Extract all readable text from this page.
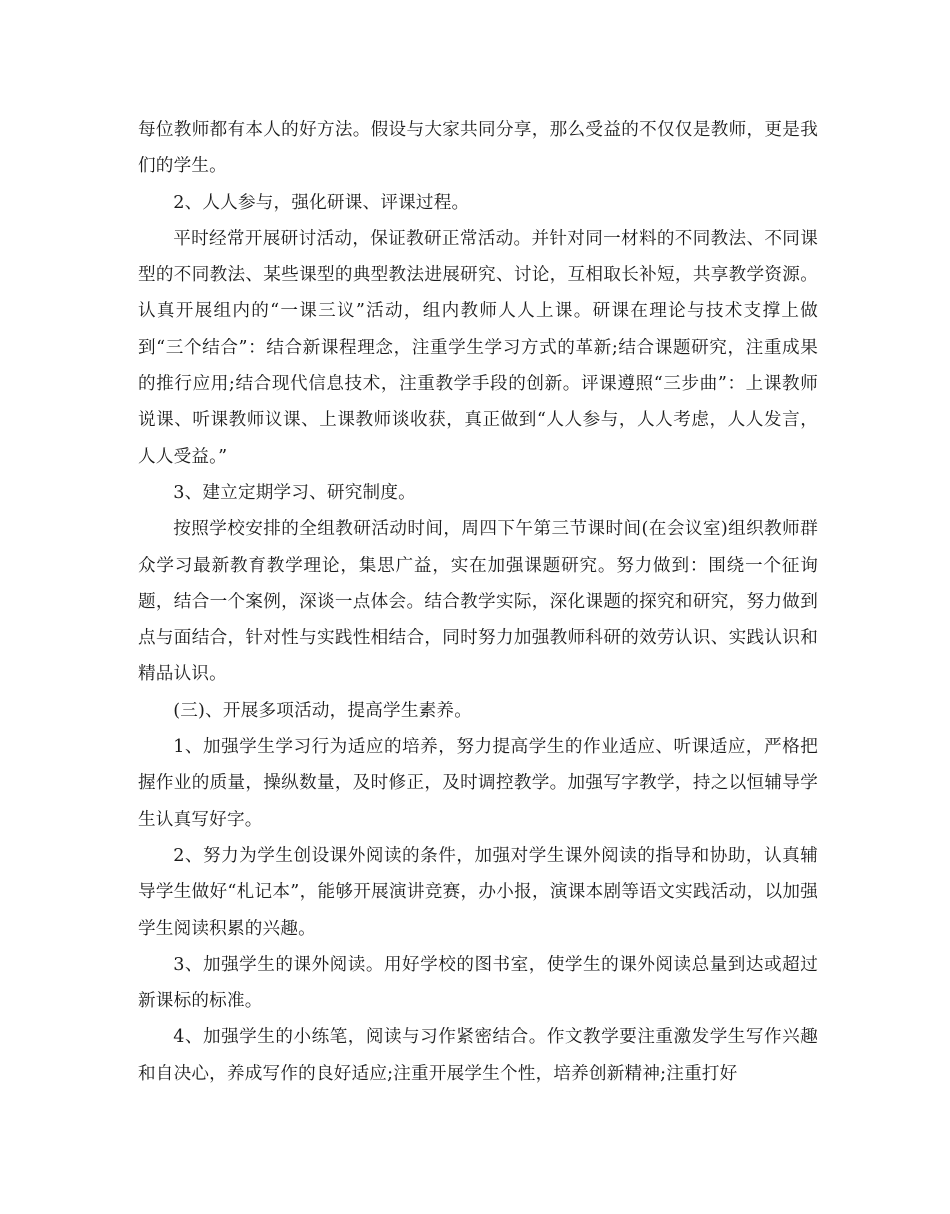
每位教师都有本人的好方法。假设与大家共同分享，那么受益的不仅仅是教师，更是我们的学生。

2、人人参与，强化研课、评课过程。

平时经常开展研讨活动，保证教研正常活动。并针对同一材料的不同教法、不同课型的不同教法、某些课型的典型教法进展研究、讨论，互相取长补短，共享教学资源。认真开展组内的“一课三议”活动，组内教师人人上课。研课在理论与技术支撑上做到“三个结合”：结合新课程理念，注重学生学习方式的革新;结合课题研究，注重成果的推行应用;结合现代信息技术，注重教学手段的创新。评课遵照“三步曲”：上课教师说课、听课教师议课、上课教师谈收获，真正做到“人人参与，人人考虑，人人发言，人人受益。”

3、建立定期学习、研究制度。

按照学校安排的全组教研活动时间，周四下午第三节课时间(在会议室)组织教师群众学习最新教育教学理论，集思广益，实在加强课题研究。努力做到：围绕一个征询题，结合一个案例，深谈一点体会。结合教学实际，深化课题的探究和研究，努力做到点与面结合，针对性与实践性相结合，同时努力加强教师科研的效劳认识、实践认识和精品认识。

(三)、开展多项活动，提高学生素养。

1、加强学生学习行为适应的培养，努力提高学生的作业适应、听课适应，严格把握作业的质量，操纵数量，及时修正，及时调控教学。加强写字教学，持之以恒辅导学生认真写好字。

2、努力为学生创设课外阅读的条件，加强对学生课外阅读的指导和协助，认真辅导学生做好“札记本”，能够开展演讲竞赛，办小报，演课本剧等语文实践活动，以加强学生阅读积累的兴趣。

3、加强学生的课外阅读。用好学校的图书室，使学生的课外阅读总量到达或超过新课标的标准。

4、加强学生的小练笔，阅读与习作紧密结合。作文教学要注重激发学生写作兴趣和自决心，养成写作的良好适应;注重开展学生个性，培养创新精神;注重打好
